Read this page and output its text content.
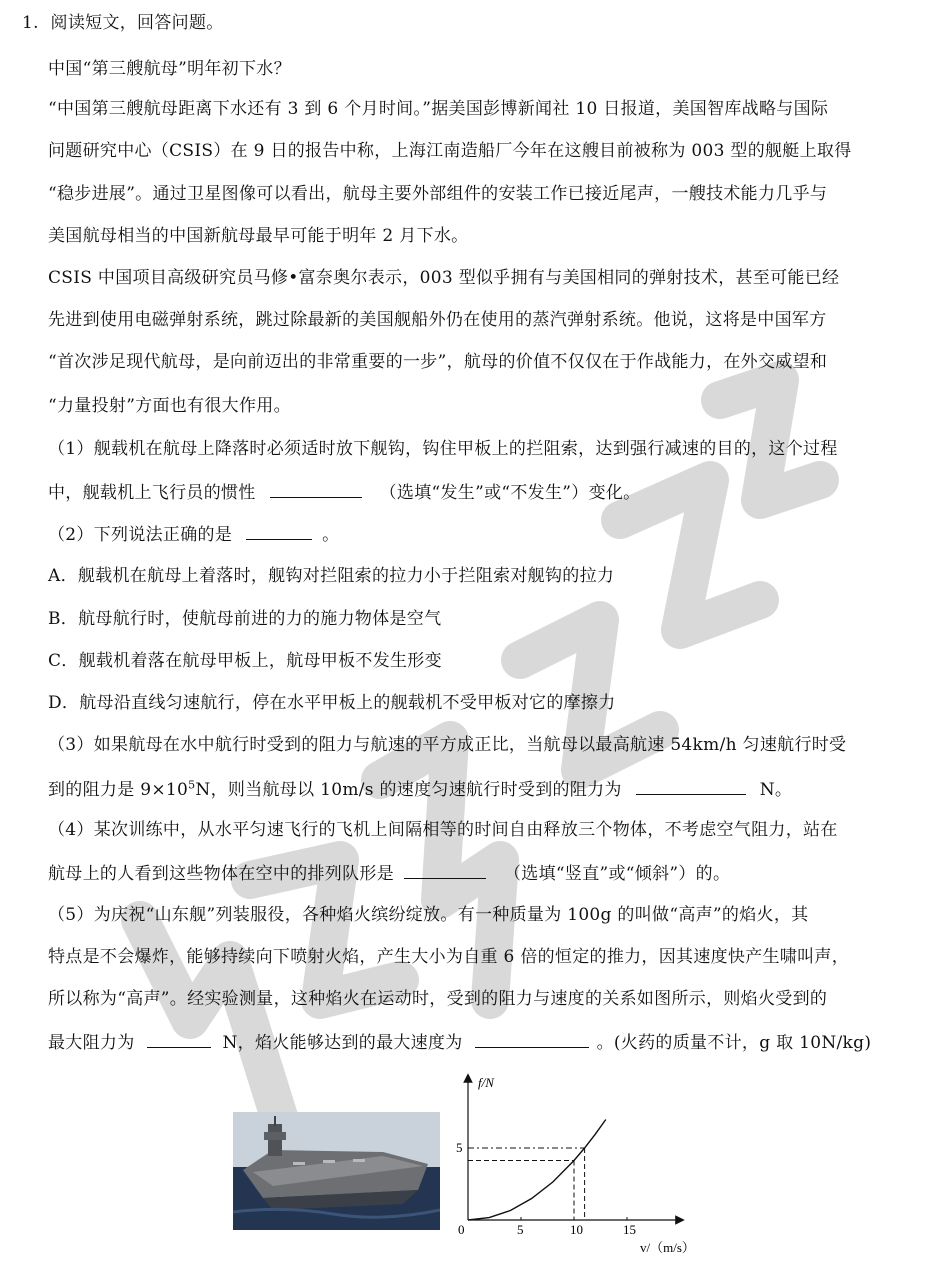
1. 阅读短文，回答问题。
中国“第三艘航母”明年初下水？
“中国第三艘航母距离下水还有 3 到 6 个月时间。”据美国彭博新闻社 10 日报道，美国智库战略与国际
问题研究中心（CSIS）在 9 日的报告中称，上海江南造船厂今年在这艘目前被称为 003 型的舰艇上取得
“稳步进展”。通过卫星图像可以看出，航母主要外部组件的安装工作已接近尾声，一艘技术能力几乎与
美国航母相当的中国新航母最早可能于明年 2 月下水。
CSIS 中国项目高级研究员马修•富奈奥尔表示，003 型似乎拥有与美国相同的弹射技术，甚至可能已经
先进到使用电磁弹射系统，跳过除最新的美国舰船外仍在使用的蒸汽弹射系统。他说，这将是中国军方
“首次涉足现代航母，是向前迈出的非常重要的一步”，航母的价值不仅仅在于作战能力，在外交威望和
“力量投射”方面也有很大作用。
（1）舰载机在航母上降落时必须适时放下舰钩，钩住甲板上的拦阻索，达到强行减速的目的，这个过程
中，舰载机上飞行员的惯性	（选填“发生”或“不发生”）变化。
（2）下列说法正确的是	。
A．舰载机在航母上着落时，舰钩对拦阻索的拉力小于拦阻索对舰钩的拉力
B．航母航行时，使航母前进的力的施力物体是空气
C．舰载机着落在航母甲板上，航母甲板不发生形变
D．航母沿直线匀速航行，停在水平甲板上的舰载机不受甲板对它的摩擦力
（3）如果航母在水中航行时受到的阻力与航速的平方成正比，当航母以最高航速 54km/h 匀速航行时受
到的阻力是 $9\times 10^5N$，则当航母以 10m/s 的速度匀速航行时受到的阻力为	N。
（4）某次训练中，从水平匀速飞行的飞机上间隔相等的时间自由释放三个物体，不考虑空气阻力，站在
航母上的人看到这些物体在空中的排列队形是	（选填“竖直”或“倾斜”）的。
（5）为庆祝“山东舰”列装服役，各种焰火缤纷绽放。有一种质量为 100g 的叫做“高声”的焰火，其
特点是不会爆炸，能够持续向下喷射火焰，产生大小为自重 6 倍的恒定的推力，因其速度快产生啸叫声，
所以称为“高声”。经实验测量，这种焰火在运动时，受到的阻力与速度的关系如图所示，则焰火受到的
最大阻力为	N，焰火能够达到的最大速度为	。(火药的质量不计，g 取 10N/kg)
f/N
v/（m/s）
0	5	10	15
5
